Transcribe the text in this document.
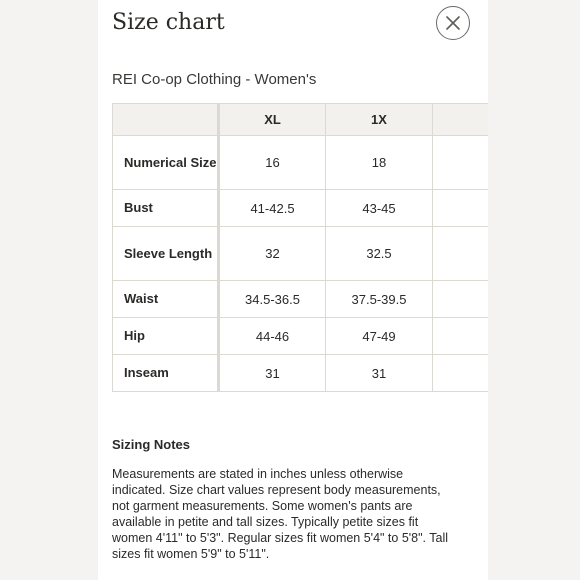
Size chart
REI Co-op Clothing - Women's
	XL	1X	
Numerical Size	16	18	
Bust	41-42.5	43-45	
Sleeve Length	32	32.5	
Waist	34.5-36.5	37.5-39.5	
Hip	44-46	47-49	
Inseam	31	31	
Sizing Notes

Measurements are stated in inches unless otherwise indicated. Size chart values represent body measurements, not garment measurements. Some women's pants are available in petite and tall sizes. Typically petite sizes fit women 4'11" to 5'3". Regular sizes fit women 5'4" to 5'8". Tall sizes fit women 5'9" to 5'11".
